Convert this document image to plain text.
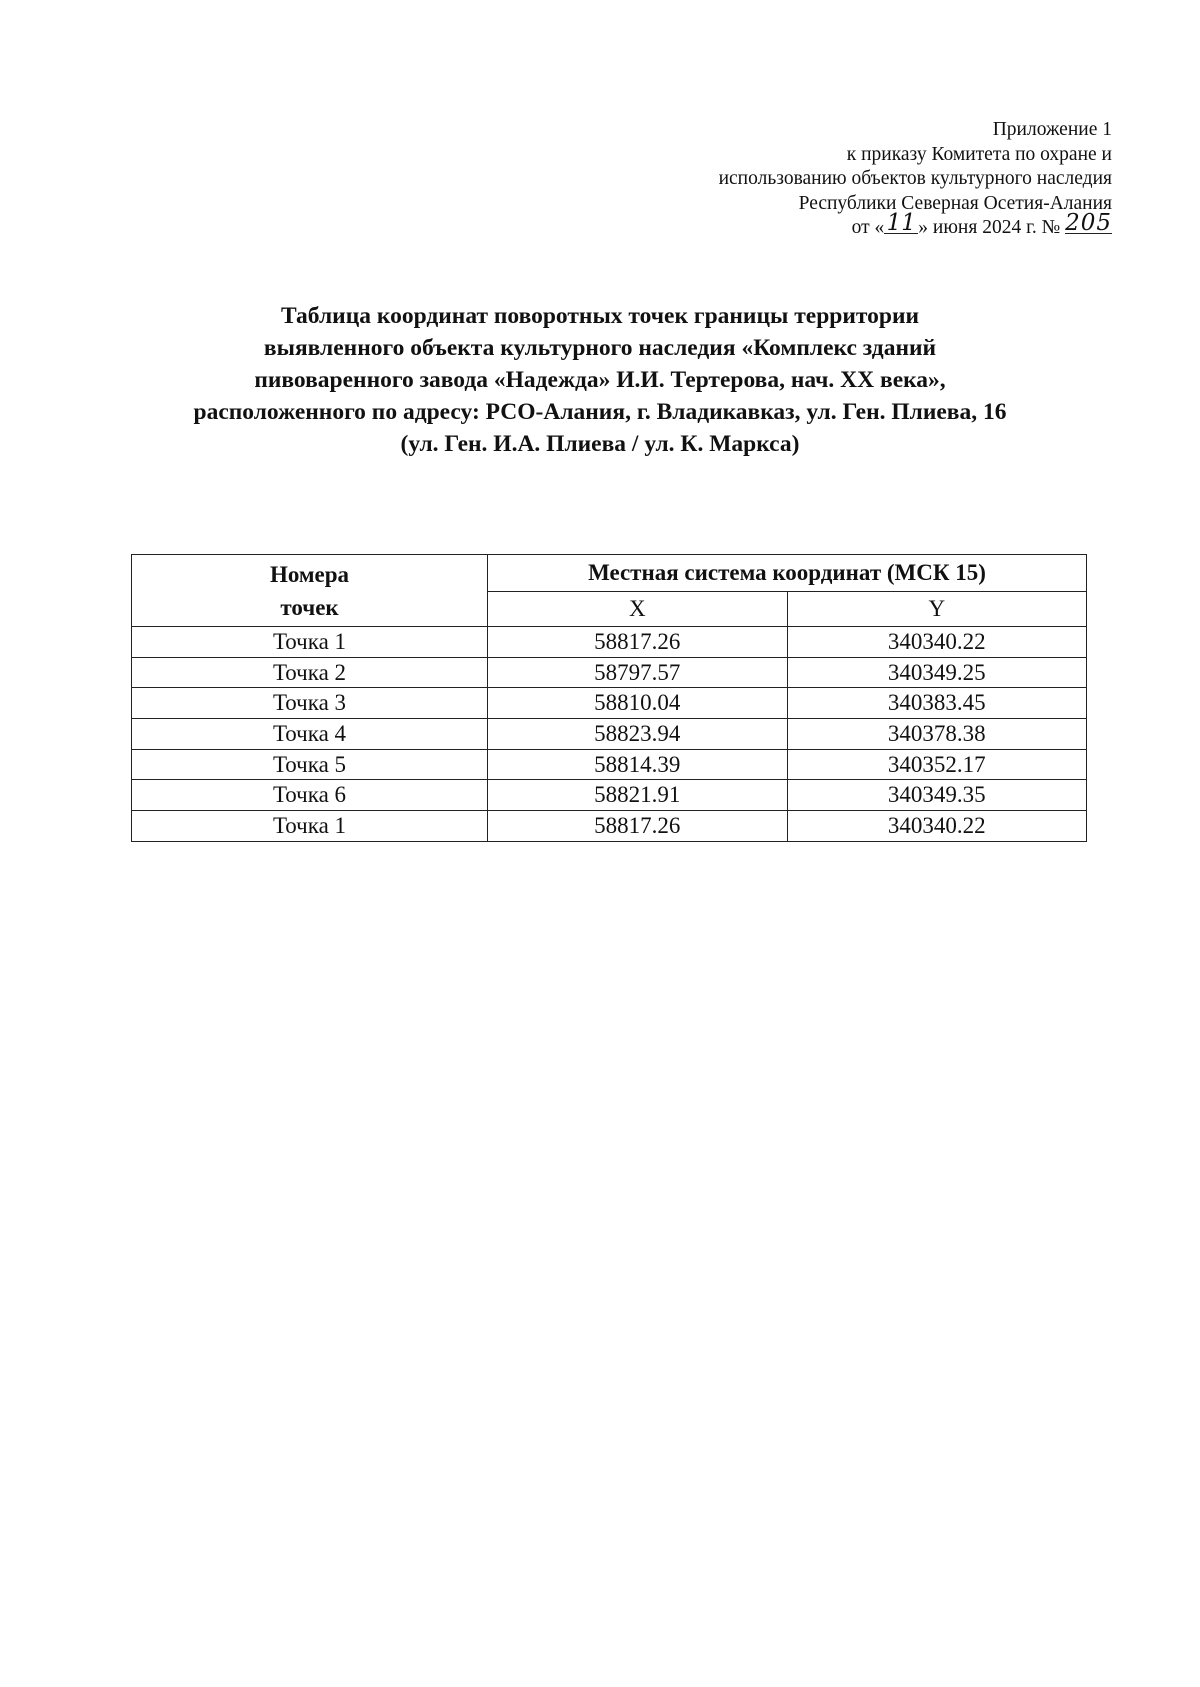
Приложение 1
к приказу Комитета по охране и
использованию объектов культурного наследия
Республики Северная Осетия-Алания
от « 11 » июня 2024 г. № 205
Таблица координат поворотных точек границы территории
выявленного объекта культурного наследия «Комплекс зданий
пивоваренного завода «Надежда» И.И. Тертерова, нач. XX века»,
расположенного по адресу: РСО-Алания, г. Владикавказ, ул. Ген. Плиева, 16
(ул. Ген. И.А. Плиева / ул. К. Маркса)
Номера
точек	Местная система координат (МСК 15)	
	X	Y
Точка 1	58817.26	340340.22
Точка 2	58797.57	340349.25
Точка 3	58810.04	340383.45
Точка 4	58823.94	340378.38
Точка 5	58814.39	340352.17
Точка 6	58821.91	340349.35
Точка 1	58817.26	340340.22
